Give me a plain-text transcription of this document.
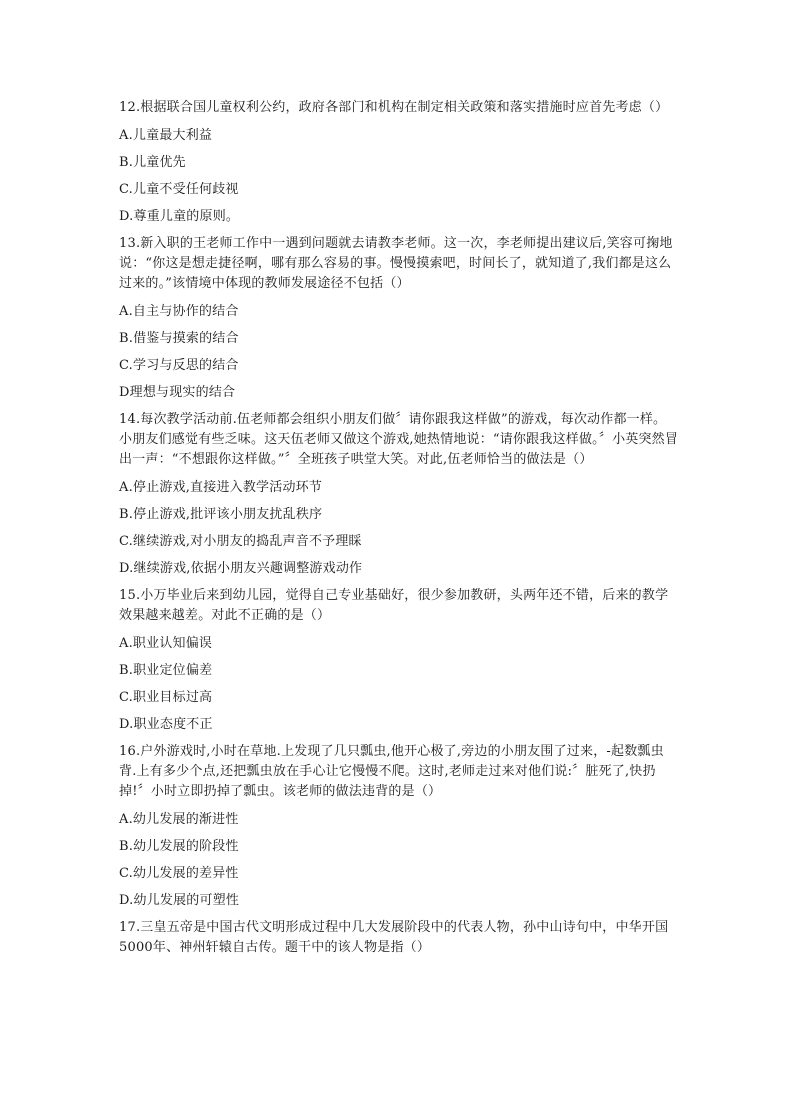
12.根据联合国儿童权利公约，政府各部门和机构在制定相关政策和落实措施时应首先考虑（）

A.儿童最大利益

B.儿童优先

C.儿童不受任何歧视

D.尊重儿童的原则。

13.新入职的王老师工作中一遇到问题就去请教李老师。这一次，李老师提出建议后,笑容可掬地说：“你这是想走捷径啊，哪有那么容易的事。慢慢摸索吧，时间长了，就知道了,我们都是这么过来的。”该情境中体现的教师发展途径不包括（）

A.自主与协作的结合

B.借鉴与摸索的结合

C.学习与反思的结合

D理想与现实的结合

14.每次教学活动前.伍老师都会组织小朋友们做〞请你跟我这样做”的游戏，每次动作都一样。小朋友们感觉有些乏味。这天伍老师又做这个游戏,她热情地说：“请你跟我这样做。〞小英突然冒出一声：“不想跟你这样做。”〞全班孩子哄堂大笑。对此,伍老师恰当的做法是（）

A.停止游戏,直接进入教学活动环节

B.停止游戏,批评该小朋友扰乱秩序

C.继续游戏,对小朋友的捣乱声音不予理睬

D.继续游戏,依据小朋友兴趣调整游戏动作

15.小万毕业后来到幼儿园，觉得自己专业基础好，很少参加教研，头两年还不错，后来的教学效果越来越差。对此不正确的是（）

A.职业认知偏误

B.职业定位偏差

C.职业目标过高

D.职业态度不正

16.户外游戏时,小时在草地.上发现了几只瓢虫,他开心极了,旁边的小朋友围了过来，-起数瓢虫背.上有多少个点,还把瓢虫放在手心让它慢慢不爬。这时,老师走过来对他们说:〞脏死了,快扔掉!〞小时立即扔掉了瓢虫。该老师的做法违背的是（）

A.幼儿发展的渐进性

B.幼儿发展的阶段性

C.幼儿发展的差异性

D.幼儿发展的可塑性

17.三皇五帝是中国古代文明形成过程中几大发展阶段中的代表人物，孙中山诗句中，中华开国5000年、神州轩辕自古传。题干中的该人物是指（）
